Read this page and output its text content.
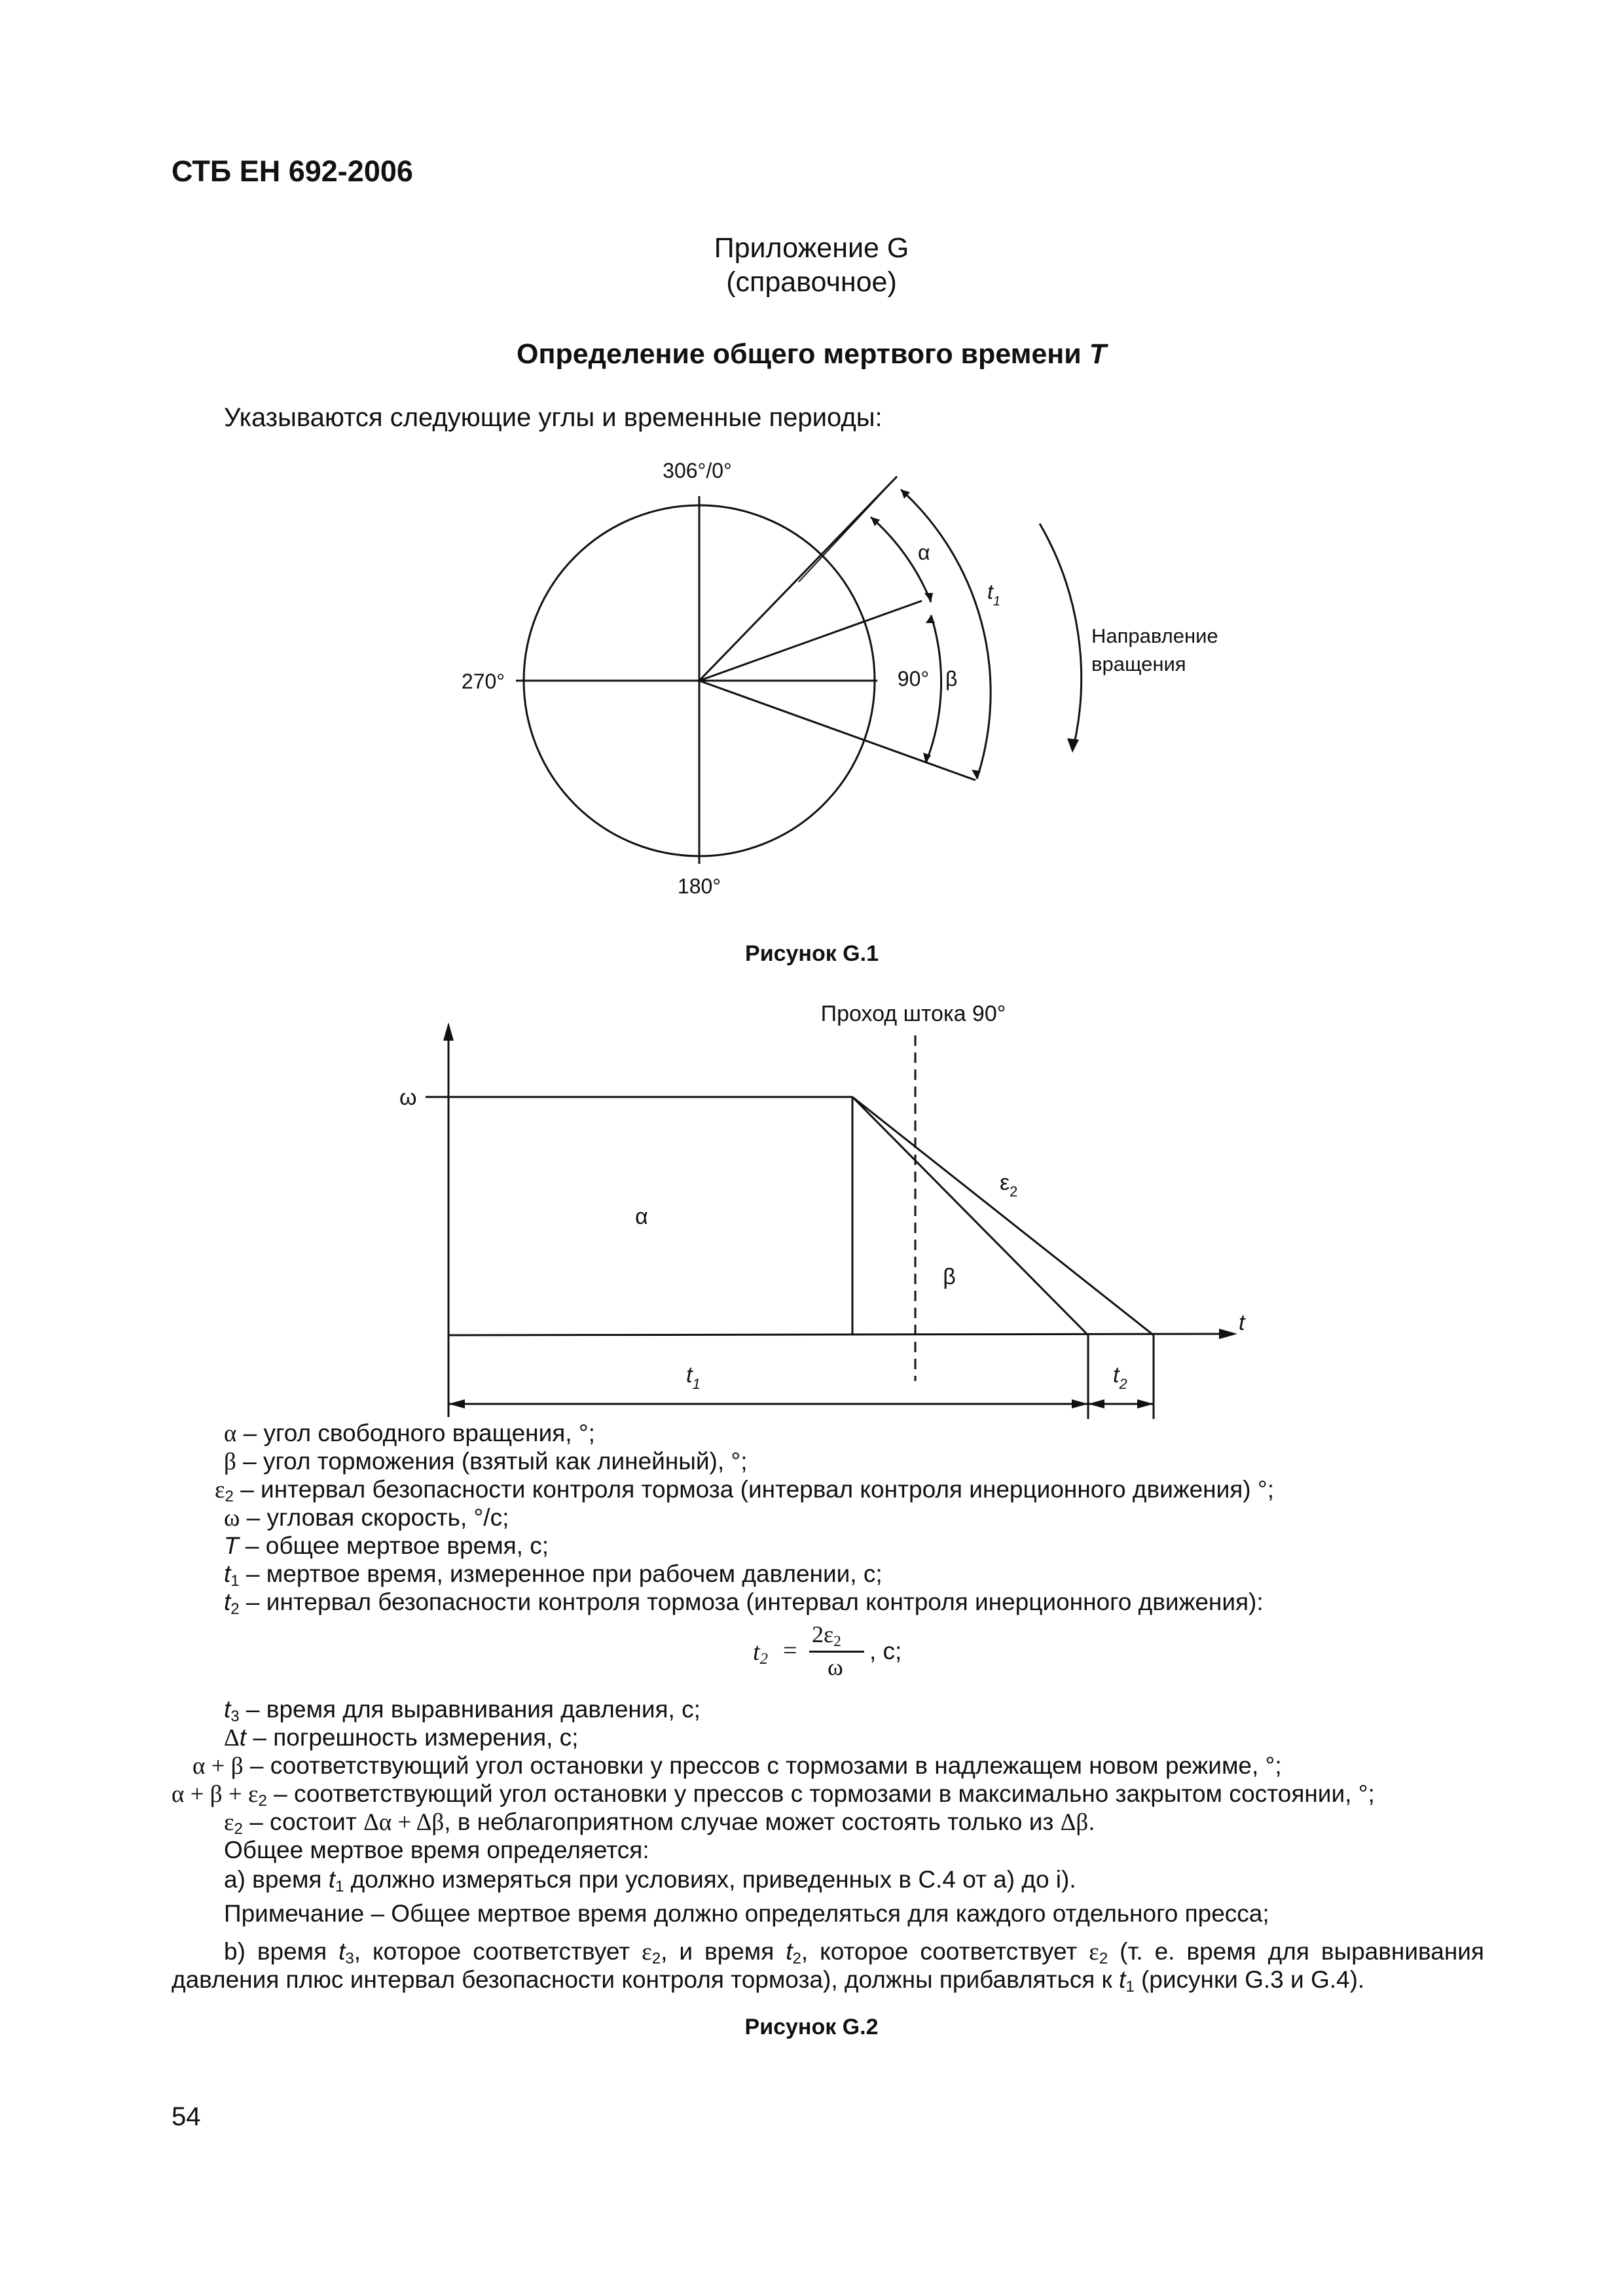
СТБ ЕН 692-2006
Приложение G
(справочное)
Определение общего мертвого времени T
Указываются следующие углы и временные периоды:
306°/0°
270°
180°
90°
α
β
$t_1$
Направление
вращения
Рисунок G.1
Проход штока 90°
ω
α
β
$\varepsilon_2$
t
$t_1$	$t_2$
α – угол свободного вращения, °;
β – угол торможения (взятый как линейный), °;
$\varepsilon_2$ – интервал безопасности контроля тормоза (интервал контроля инерционного движения) °;
ω – угловая скорость, °/с;
T – общее мертвое время, с;
$t_1$ – мертвое время, измеренное при рабочем давлении, с;
$t_2$ – интервал безопасности контроля тормоза (интервал контроля инерционного движения):
$t_2$ =
$2\varepsilon_2$
ω
, с;
$t_3$ – время для выравнивания давления, с;
Δt – погрешность измерения, с;
α + β – соответствующий угол остановки у прессов с тормозами в надлежащем новом режиме, °;
$\alpha + \beta + \varepsilon_2$ – соответствующий угол остановки у прессов с тормозами в максимально закрытом состоянии, °;
$\varepsilon_2$ – состоит Δα + Δβ, в неблагоприятном случае может состоять только из Δβ.
Общее мертвое время определяется:
a) время $t_1$ должно измеряться при условиях, приведенных в С.4 от а) до i).
Примечание – Общее мертвое время должно определяться для каждого отдельного пресса;
b) время $t_3$, которое соответствует $\varepsilon_2$, и время $t_2$, которое соответствует $\varepsilon_2$ (т. е. время для выравнивания
давления плюс интервал безопасности контроля тормоза), должны прибавляться к $t_1$ (рисунки G.3 и G.4).
Рисунок G.2
54
